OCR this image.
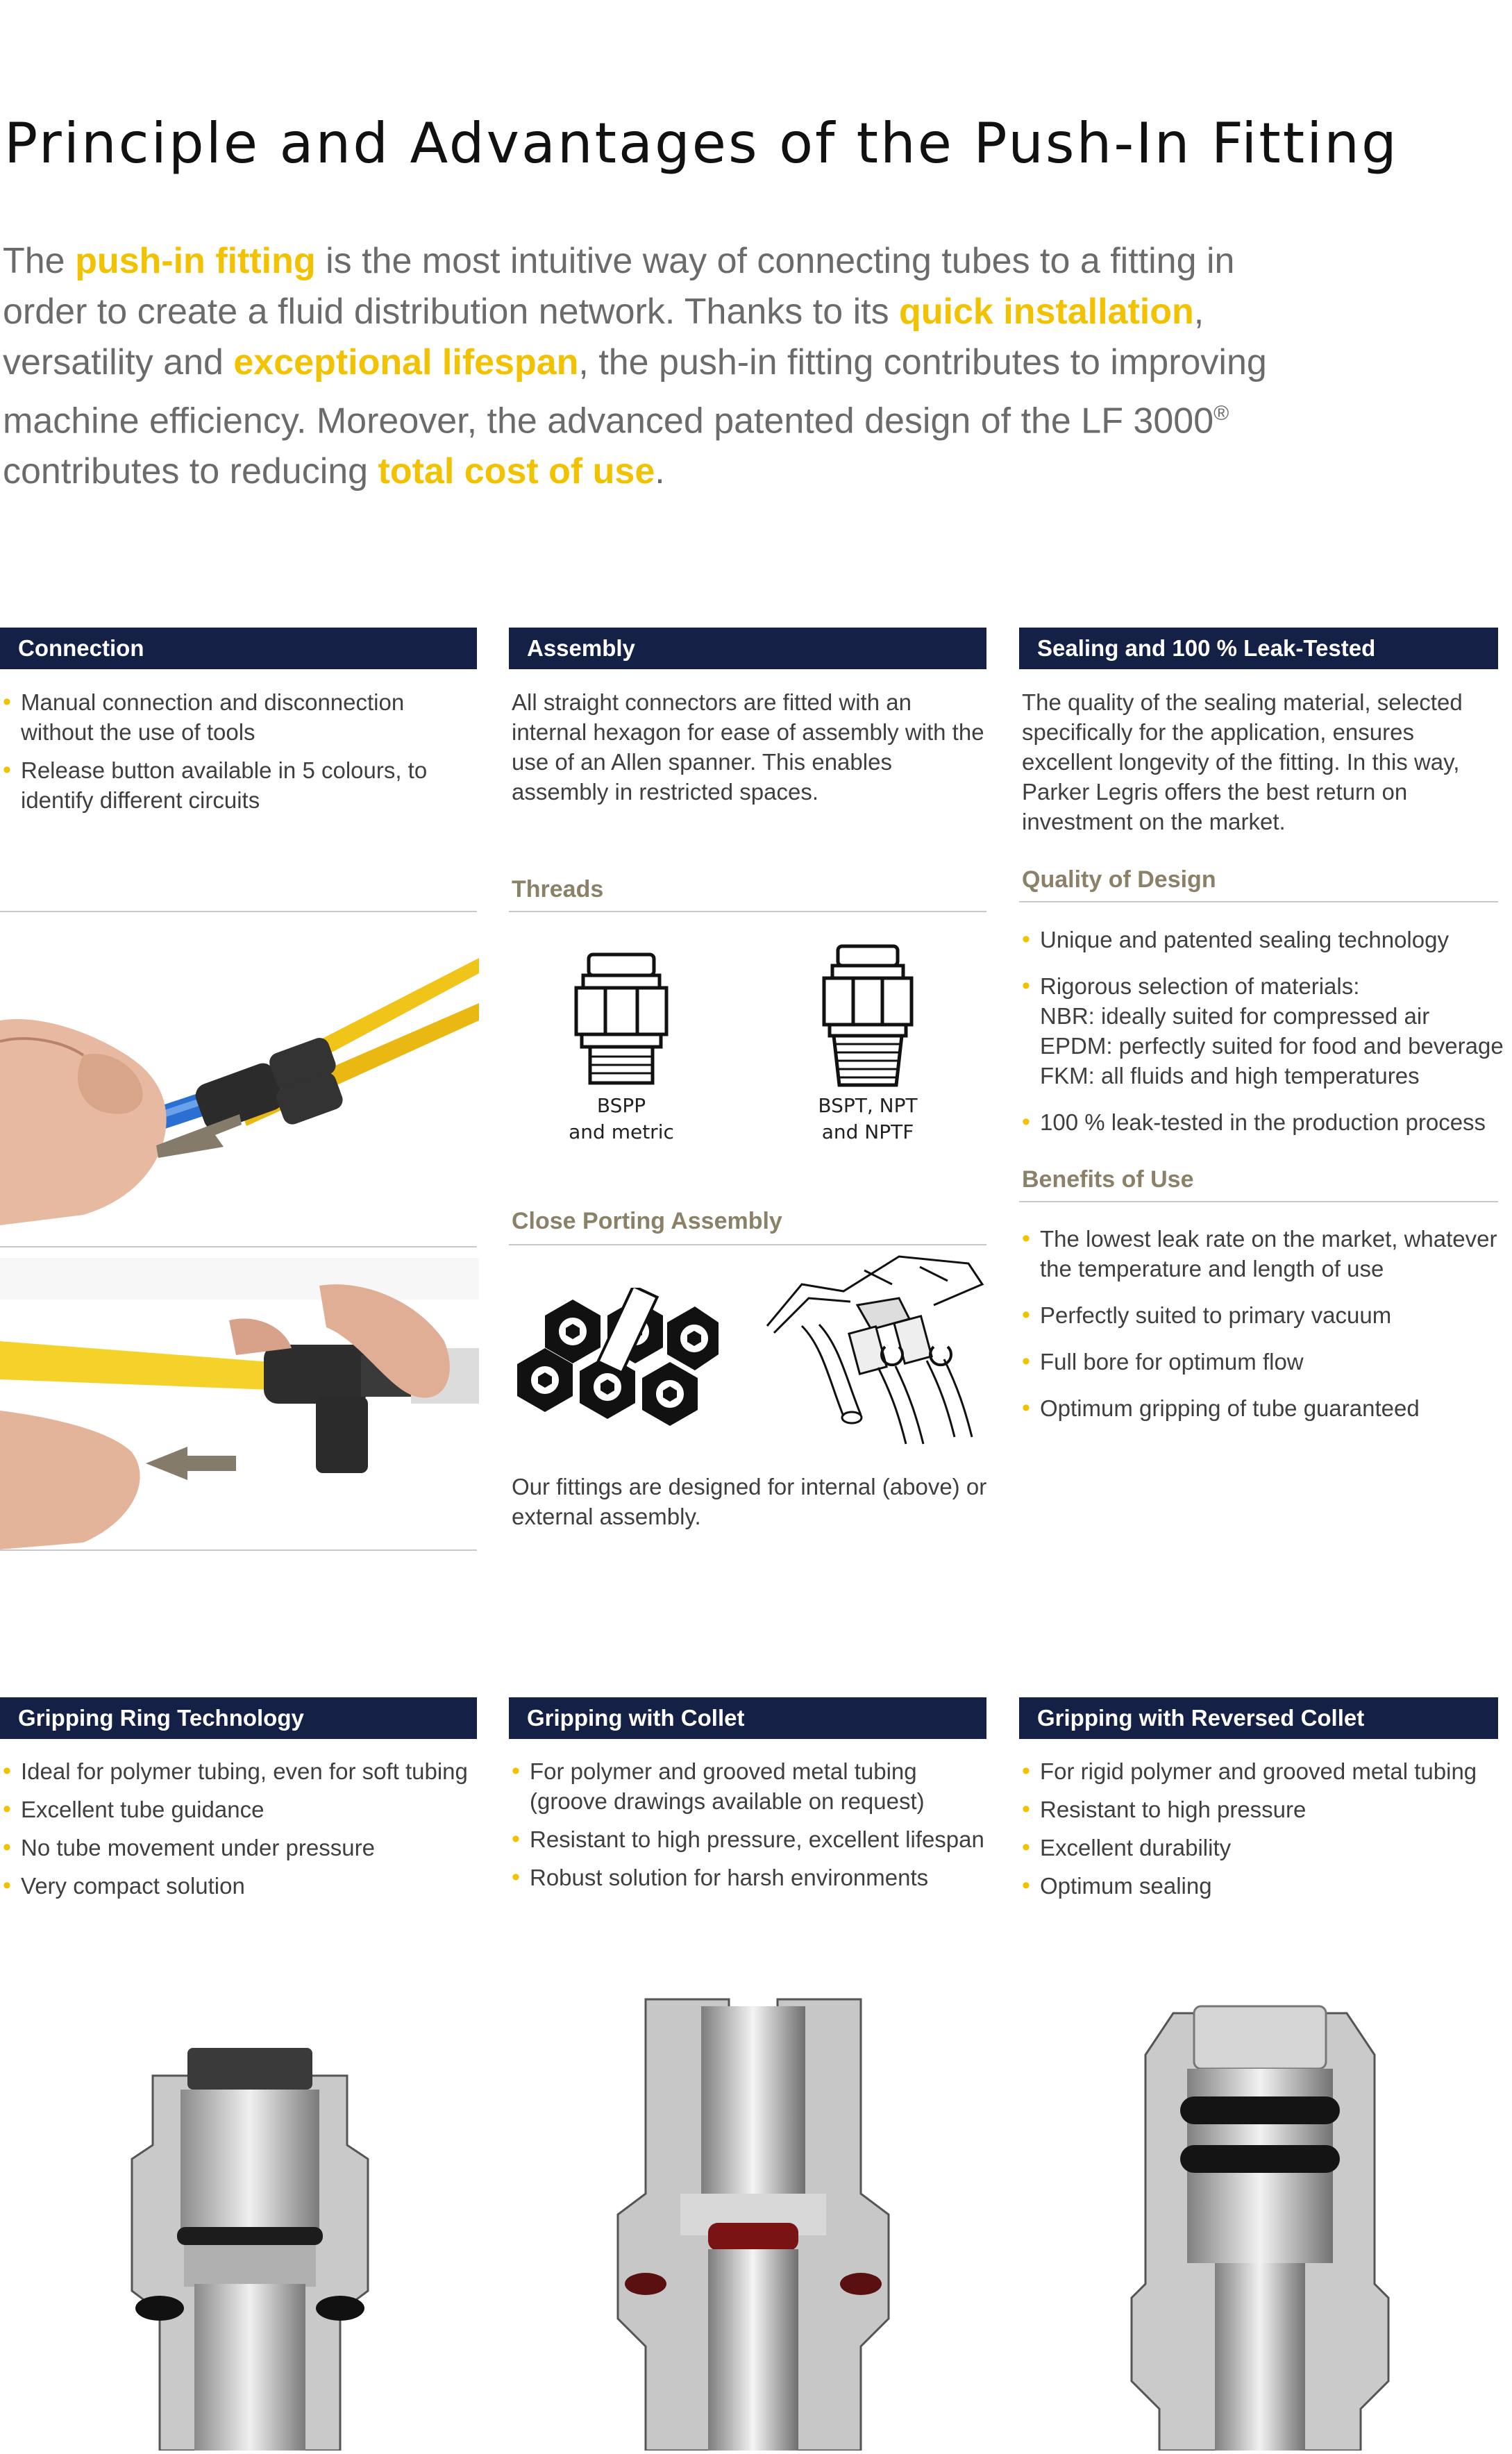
Principle and Advantages of the Push-In Fitting
The push-in fitting is the most intuitive way of connecting tubes to a fitting in order to create a fluid distribution network. Thanks to its quick installation, versatility and exceptional lifespan, the push-in fitting contributes to improving machine efficiency. Moreover, the advanced patented design of the LF 3000® contributes to reducing total cost of use.
Connection
• Manual connection and disconnection without the use of tools
• Release button available in 5 colours, to identify different circuits
Assembly
All straight connectors are fitted with an internal hexagon for ease of assembly with the use of an Allen spanner. This enables assembly in restricted spaces.
Threads
BSPP
and metric
BSPT, NPT
and NPTF
Close Porting Assembly
Our fittings are designed for internal (above) or external assembly.
Sealing and 100 % Leak-Tested
The quality of the sealing material, selected specifically for the application, ensures excellent longevity of the fitting. In this way, Parker Legris offers the best return on investment on the market.
Quality of Design
• Unique and patented sealing technology
• Rigorous selection of materials:
NBR: ideally suited for compressed air
EPDM: perfectly suited for food and beverage
FKM: all fluids and high temperatures
• 100 % leak-tested in the production process
Benefits of Use
• The lowest leak rate on the market, whatever the temperature and length of use
• Perfectly suited to primary vacuum
• Full bore for optimum flow
• Optimum gripping of tube guaranteed
Gripping Ring Technology
• Ideal for polymer tubing, even for soft tubing
• Excellent tube guidance
• No tube movement under pressure
• Very compact solution
Gripping with Collet
• For polymer and grooved metal tubing (groove drawings available on request)
• Resistant to high pressure, excellent lifespan
• Robust solution for harsh environments
Gripping with Reversed Collet
• For rigid polymer and grooved metal tubing
• Resistant to high pressure
• Excellent durability
• Optimum sealing
